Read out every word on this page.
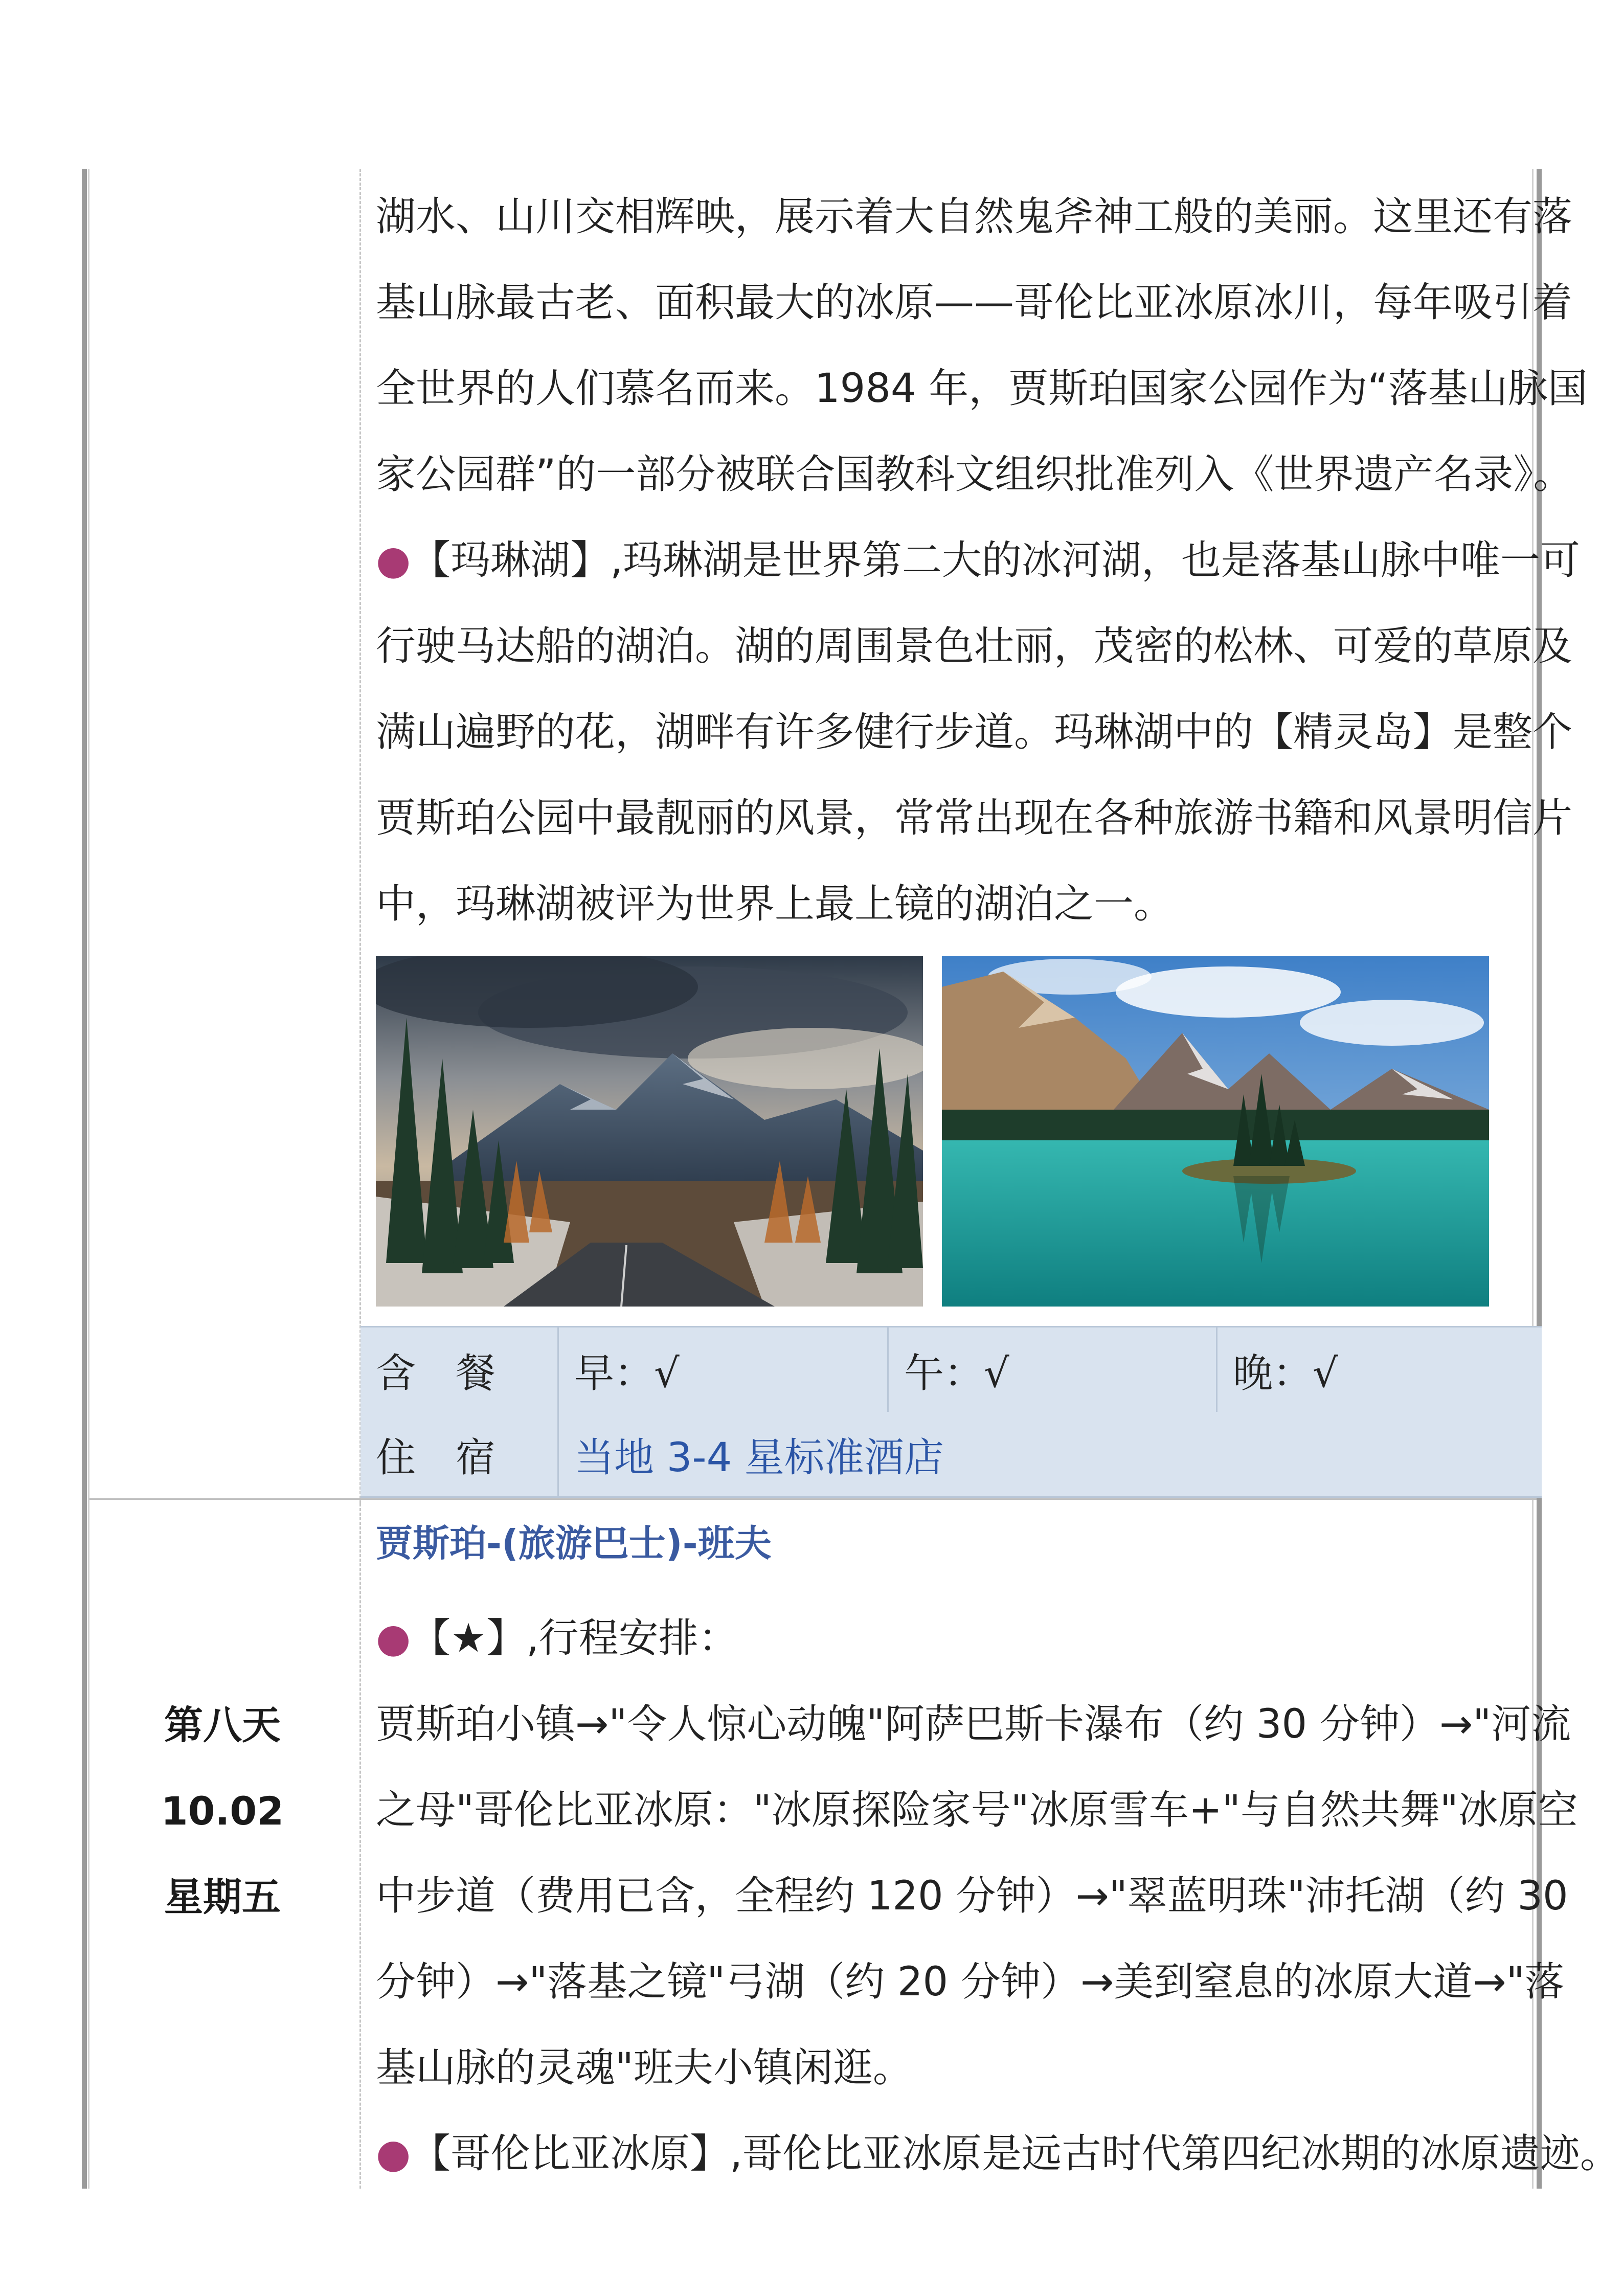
湖水、山川交相辉映，展示着大自然鬼斧神工般的美丽。这里还有落
基山脉最古老、面积最大的冰原——哥伦比亚冰原冰川，每年吸引着
全世界的人们慕名而来。1984 年，贾斯珀国家公园作为“落基山脉国
家公园群”的一部分被联合国教科文组织批准列入《世界遗产名录》。
●【玛琳湖】,玛琳湖是世界第二大的冰河湖，也是落基山脉中唯一可
行驶马达船的湖泊。湖的周围景色壮丽，茂密的松林、可爱的草原及
满山遍野的花，湖畔有许多健行步道。玛琳湖中的【精灵岛】是整个
贾斯珀公园中最靓丽的风景，常常出现在各种旅游书籍和风景明信片
中，玛琳湖被评为世界上最上镜的湖泊之一。
含　餐	早：√	午：√	晚：√
住　宿	当地 3-4 星标准酒店
第八天
10.02
星期五
贾斯珀-(旅游巴士)-班夫
●【★】,行程安排：
贾斯珀小镇→"令人惊心动魄"阿萨巴斯卡瀑布（约 30 分钟）→"河流
之母"哥伦比亚冰原："冰原探险家号"冰原雪车+"与自然共舞"冰原空
中步道（费用已含，全程约 120 分钟）→"翠蓝明珠"沛托湖（约 30
分钟）→"落基之镜"弓湖（约 20 分钟）→美到窒息的冰原大道→"落
基山脉的灵魂"班夫小镇闲逛。
●【哥伦比亚冰原】,哥伦比亚冰原是远古时代第四纪冰期的冰原遗迹。
